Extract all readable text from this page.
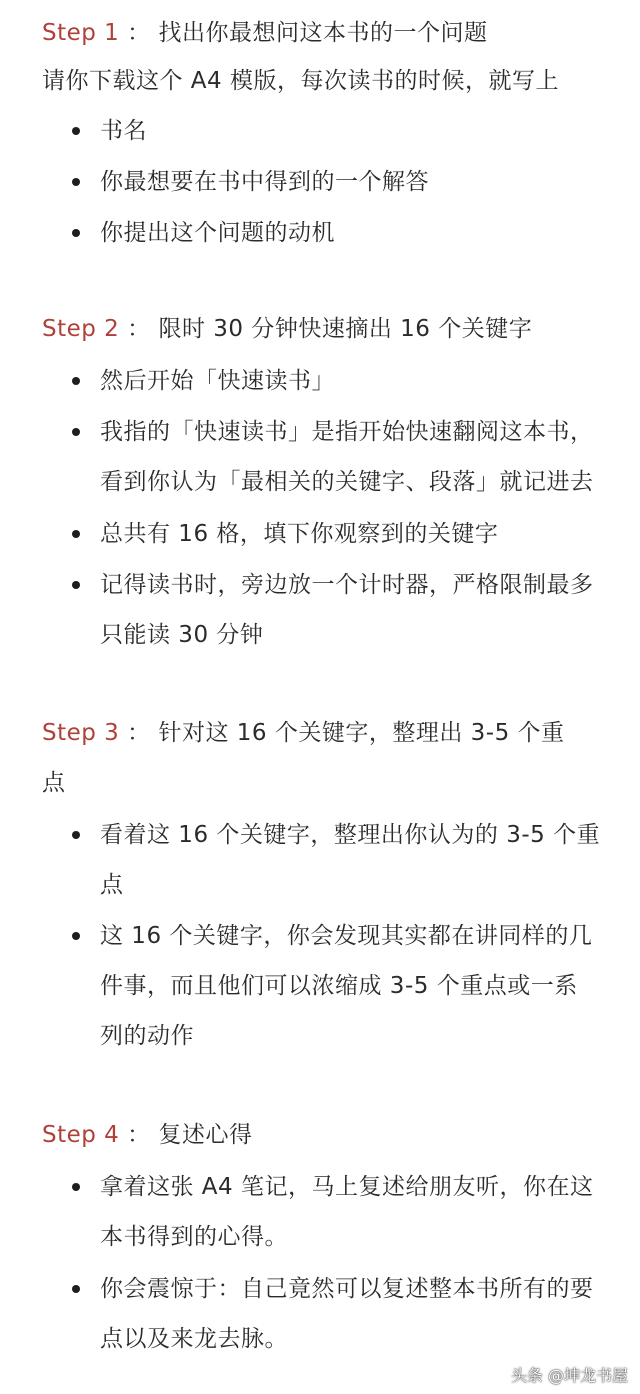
Step 1 ： 找出你最想问这本书的一个问题
请你下载这个 A4 模版，每次读书的时候，就写上
书名
你最想要在书中得到的一个解答
你提出这个问题的动机
Step 2 ： 限时 30 分钟快速摘出 16 个关键字
然后开始「快速读书」
我指的「快速读书」是指开始快速翻阅这本书，
看到你认为「最相关的关键字、段落」就记进去
总共有 16 格，填下你观察到的关键字
记得读书时，旁边放一个计时器，严格限制最多
只能读 30 分钟
Step 3 ： 针对这 16 个关键字，整理出 3-5 个重
点
看着这 16 个关键字，整理出你认为的 3-5 个重
点
这 16 个关键字，你会发现其实都在讲同样的几
件事，而且他们可以浓缩成 3-5 个重点或一系
列的动作
Step 4 ： 复述心得
拿着这张 A4 笔记，马上复述给朋友听，你在这
本书得到的心得。
你会震惊于：自己竟然可以复述整本书所有的要
点以及来龙去脉。
头条 @坤龙书屋
